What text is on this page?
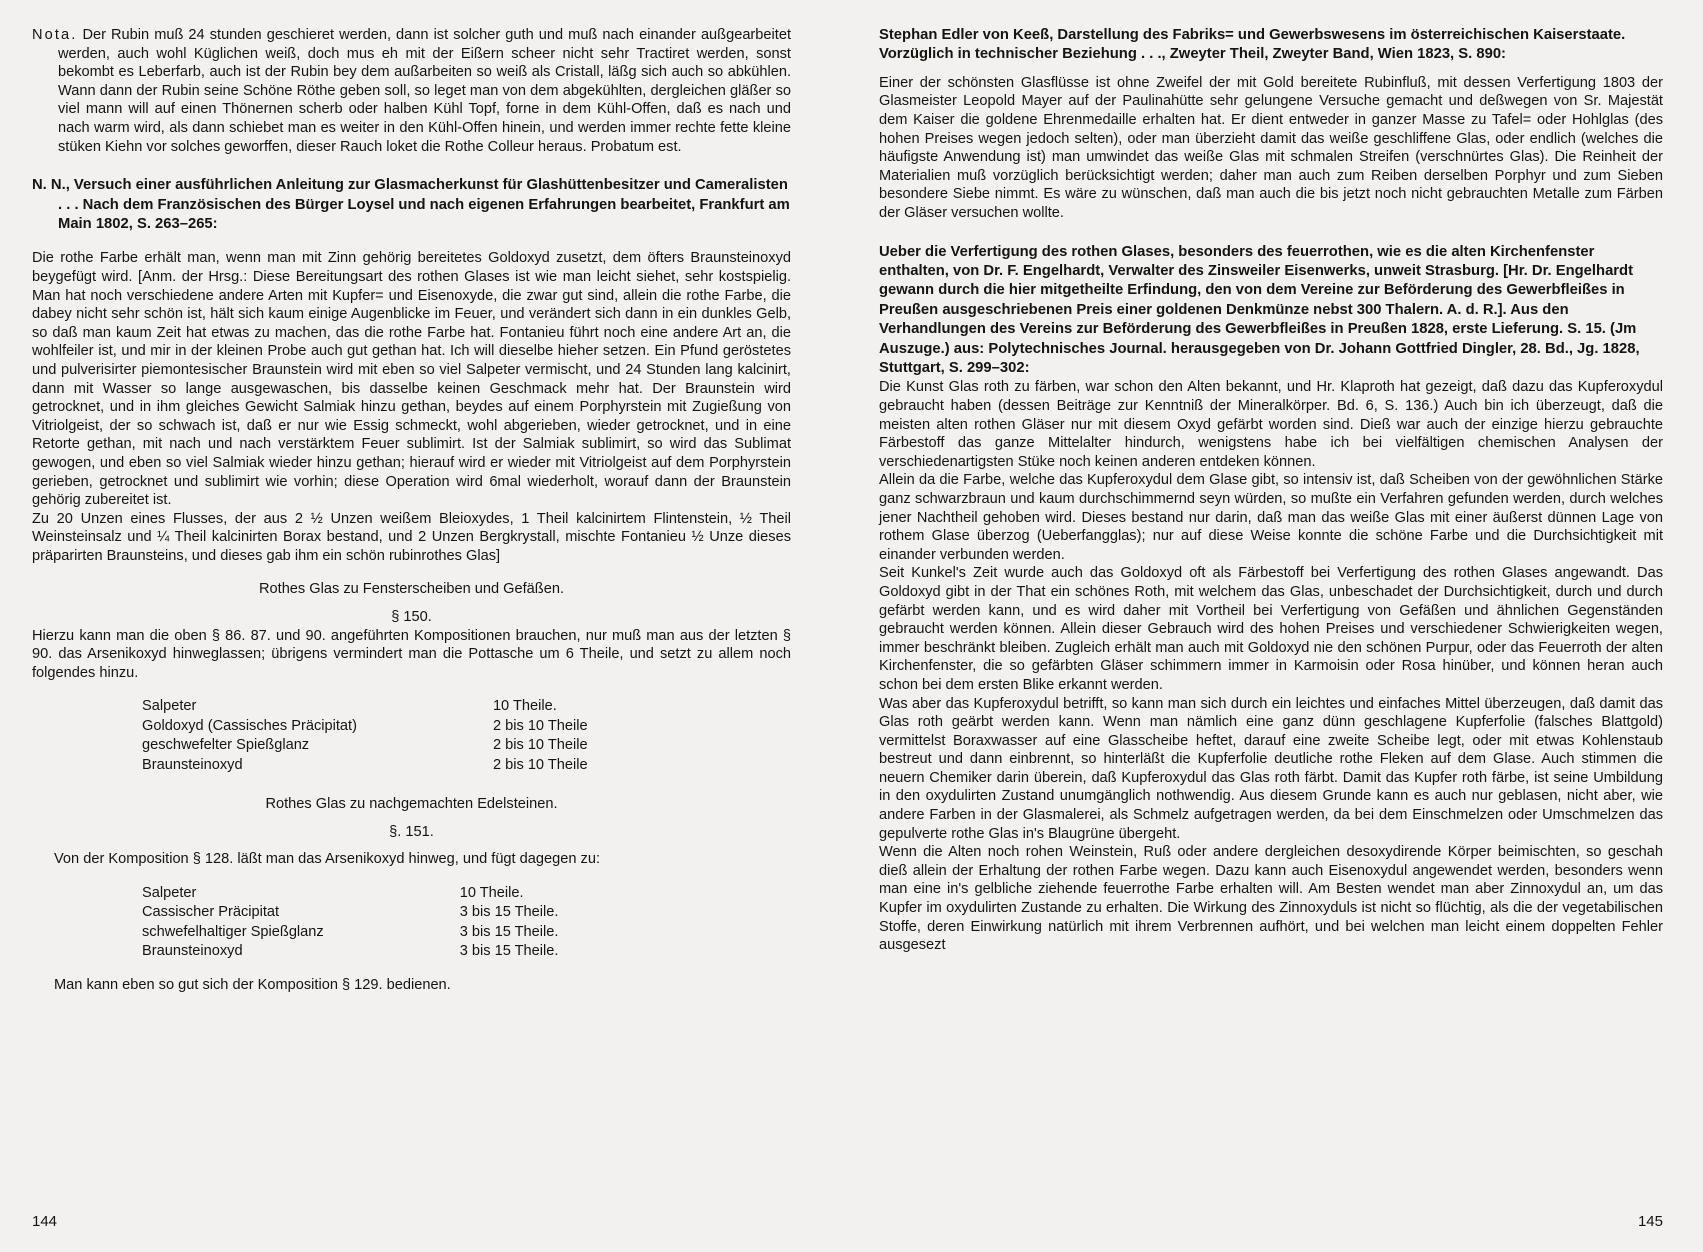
Nota. Der Rubin muß 24 stunden geschieret werden, dann ist solcher guth und muß nach einander außgearbeitet werden, auch wohl Küglichen weiß, doch mus eh mit der Eißern scheer nicht sehr Tractiret werden, sonst bekombt es Leberfarb, auch ist der Rubin bey dem außarbeiten so weiß als Cristall, läßg sich auch so abkühlen. Wann dann der Rubin seine Schöne Röthe geben soll, so leget man von dem abgekühlten, dergleichen gläßer so viel mann will auf einen Thönernen scherb oder halben Kühl Topf, forne in dem Kühl-Offen, daß es nach und nach warm wird, als dann schiebet man es weiter in den Kühl-Offen hinein, und werden immer rechte fette kleine stüken Kiehn vor solches geworffen, dieser Rauch loket die Rothe Colleur heraus. Probatum est.

N. N., Versuch einer ausführlichen Anleitung zur Glasmacherkunst für Glashüttenbesitzer und Cameralisten . . . Nach dem Französischen des Bürger Loysel und nach eigenen Erfahrungen bearbeitet, Frankfurt am Main 1802, S. 263–265:

Die rothe Farbe erhält man, wenn man mit Zinn gehörig bereitetes Goldoxyd zusetzt, dem öfters Braunsteinoxyd beygefügt wird. [Anm. der Hrsg.: Diese Bereitungsart des rothen Glases ist wie man leicht siehet, sehr kostspielig. Man hat noch verschiedene andere Arten mit Kupfer= und Eisenoxyde, die zwar gut sind, allein die rothe Farbe, die dabey nicht sehr schön ist, hält sich kaum einige Augenblicke im Feuer, und verändert sich dann in ein dunkles Gelb, so daß man kaum Zeit hat etwas zu machen, das die rothe Farbe hat. Fontanieu führt noch eine andere Art an, die wohlfeiler ist, und mir in der kleinen Probe auch gut gethan hat. Ich will dieselbe hieher setzen. Ein Pfund geröstetes und pulverisirter piemontesischer Braunstein wird mit eben so viel Salpeter vermischt, und 24 Stunden lang kalcinirt, dann mit Wasser so lange ausgewaschen, bis dasselbe keinen Geschmack mehr hat. Der Braunstein wird getrocknet, und in ihm gleiches Gewicht Salmiak hinzu gethan, beydes auf einem Porphyrstein mit Zugießung von Vitriolgeist, der so schwach ist, daß er nur wie Essig schmeckt, wohl abgerieben, wieder getrocknet, und in eine Retorte gethan, mit nach und nach verstärktem Feuer sublimirt. Ist der Salmiak sublimirt, so wird das Sublimat gewogen, und eben so viel Salmiak wieder hinzu gethan; hierauf wird er wieder mit Vitriolgeist auf dem Porphyrstein gerieben, getrocknet und sublimirt wie vorhin; diese Operation wird 6mal wiederholt, worauf dann der Braunstein gehörig zubereitet ist.

Zu 20 Unzen eines Flusses, der aus 2 ½ Unzen weißem Bleioxydes, 1 Theil kalcinirtem Flintenstein, ½ Theil Weinsteinsalz und ¼ Theil kalcinirten Borax bestand, und 2 Unzen Bergkrystall, mischte Fontanieu ½ Unze dieses präparirten Braunsteins, und dieses gab ihm ein schön rubinrothes Glas]

Rothes Glas zu Fensterscheiben und Gefäßen.

§ 150.

Hierzu kann man die oben § 86. 87. und 90. angeführten Kompositionen brauchen, nur muß man aus der letzten § 90. das Arsenikoxyd hinweglassen; übrigens vermindert man die Pottasche um 6 Theile, und setzt zu allem noch folgendes hinzu.

Salpeter	10 Theile.
Goldoxyd (Cassisches Präcipitat)	2 bis 10 Theile
geschwefelter Spießglanz	2 bis 10 Theile
Braunsteinoxyd	2 bis 10 Theile

Rothes Glas zu nachgemachten Edelsteinen.

§. 151.

Von der Komposition § 128. läßt man das Arsenikoxyd hinweg, und fügt dagegen zu:

Salpeter	10 Theile.
Cassischer Präcipitat	3 bis 15 Theile.
schwefelhaltiger Spießglanz	3 bis 15 Theile.
Braunsteinoxyd	3 bis 15 Theile.

Man kann eben so gut sich der Komposition § 129. bedienen.

144

Stephan Edler von Keeß, Darstellung des Fabriks= und Gewerbswesens im österreichischen Kaiserstaate. Vorzüglich in technischer Beziehung . . ., Zweyter Theil, Zweyter Band, Wien 1823, S. 890:

Einer der schönsten Glasflüsse ist ohne Zweifel der mit Gold bereitete Rubinfluß, mit dessen Verfertigung 1803 der Glasmeister Leopold Mayer auf der Paulinahütte sehr gelungene Versuche gemacht und deßwegen von Sr. Majestät dem Kaiser die goldene Ehrenmedaille erhalten hat. Er dient entweder in ganzer Masse zu Tafel= oder Hohlglas (des hohen Preises wegen jedoch selten), oder man überzieht damit das weiße geschliffene Glas, oder endlich (welches die häufigste Anwendung ist) man umwindet das weiße Glas mit schmalen Streifen (verschnürtes Glas). Die Reinheit der Materialien muß vorzüglich berücksichtigt werden; daher man auch zum Reiben derselben Porphyr und zum Sieben besondere Siebe nimmt. Es wäre zu wünschen, daß man auch die bis jetzt noch nicht gebrauchten Metalle zum Färben der Gläser versuchen wollte.

Ueber die Verfertigung des rothen Glases, besonders des feuerrothen, wie es die alten Kirchenfenster enthalten, von Dr. F. Engelhardt, Verwalter des Zinsweiler Eisenwerks, unweit Strasburg. [Hr. Dr. Engelhardt gewann durch die hier mitgetheilte Erfindung, den von dem Vereine zur Beförderung des Gewerbfleißes in Preußen ausgeschriebenen Preis einer goldenen Denkmünze nebst 300 Thalern. A. d. R.]. Aus den Verhandlungen des Vereins zur Beförderung des Gewerbfleißes in Preußen 1828, erste Lieferung. S. 15. (Jm Auszuge.) aus: Polytechnisches Journal. herausgegeben von Dr. Johann Gottfried Dingler, 28. Bd., Jg. 1828, Stuttgart, S. 299–302:

Die Kunst Glas roth zu färben, war schon den Alten bekannt, und Hr. Klaproth hat gezeigt, daß dazu das Kupferoxydul gebraucht haben (dessen Beiträge zur Kenntniß der Mineralkörper. Bd. 6, S. 136.) Auch bin ich überzeugt, daß die meisten alten rothen Gläser nur mit diesem Oxyd gefärbt worden sind. Dieß war auch der einzige hierzu gebrauchte Färbestoff das ganze Mittelalter hindurch, wenigstens habe ich bei vielfältigen chemischen Analysen der verschiedenartigsten Stüke noch keinen anderen entdeken können.

Allein da die Farbe, welche das Kupferoxydul dem Glase gibt, so intensiv ist, daß Scheiben von der gewöhnlichen Stärke ganz schwarzbraun und kaum durchschimmernd seyn würden, so mußte ein Verfahren gefunden werden, durch welches jener Nachtheil gehoben wird. Dieses bestand nur darin, daß man das weiße Glas mit einer äußerst dünnen Lage von rothem Glase überzog (Ueberfangglas); nur auf diese Weise konnte die schöne Farbe und die Durchsichtigkeit mit einander verbunden werden.

Seit Kunkel's Zeit wurde auch das Goldoxyd oft als Färbestoff bei Verfertigung des rothen Glases angewandt. Das Goldoxyd gibt in der That ein schönes Roth, mit welchem das Glas, unbeschadet der Durchsichtigkeit, durch und durch gefärbt werden kann, und es wird daher mit Vortheil bei Verfertigung von Gefäßen und ähnlichen Gegenständen gebraucht werden können. Allein dieser Gebrauch wird des hohen Preises und verschiedener Schwierigkeiten wegen, immer beschränkt bleiben. Zugleich erhält man auch mit Goldoxyd nie den schönen Purpur, oder das Feuerroth der alten Kirchenfenster, die so gefärbten Gläser schimmern immer in Karmoisin oder Rosa hinüber, und können heran auch schon bei dem ersten Blike erkannt werden.

Was aber das Kupferoxydul betrifft, so kann man sich durch ein leichtes und einfaches Mittel überzeugen, daß damit das Glas roth geärbt werden kann. Wenn man nämlich eine ganz dünn geschlagene Kupferfolie (falsches Blattgold) vermittelst Boraxwasser auf eine Glasscheibe heftet, darauf eine zweite Scheibe legt, oder mit etwas Kohlenstaub bestreut und dann einbrennt, so hinterläßt die Kupferfolie deutliche rothe Fleken auf dem Glase. Auch stimmen die neuern Chemiker darin überein, daß Kupferoxydul das Glas roth färbt. Damit das Kupfer roth färbe, ist seine Umbildung in den oxydulirten Zustand unumgänglich nothwendig. Aus diesem Grunde kann es auch nur geblasen, nicht aber, wie andere Farben in der Glasmalerei, als Schmelz aufgetragen werden, da bei dem Einschmelzen oder Umschmelzen das gepulverte rothe Glas in's Blaugrüne übergeht.

Wenn die Alten noch rohen Weinstein, Ruß oder andere dergleichen desoxydirende Körper beimischten, so geschah dieß allein der Erhaltung der rothen Farbe wegen. Dazu kann auch Eisenoxydul angewendet werden, besonders wenn man eine in's gelbliche ziehende feuerrothe Farbe erhalten will. Am Besten wendet man aber Zinnoxydul an, um das Kupfer im oxydulirten Zustande zu erhalten. Die Wirkung des Zinnoxyduls ist nicht so flüchtig, als die der vegetabilischen Stoffe, deren Einwirkung natürlich mit ihrem Verbrennen aufhört, und bei welchen man leicht einem doppelten Fehler ausgesezt

145
